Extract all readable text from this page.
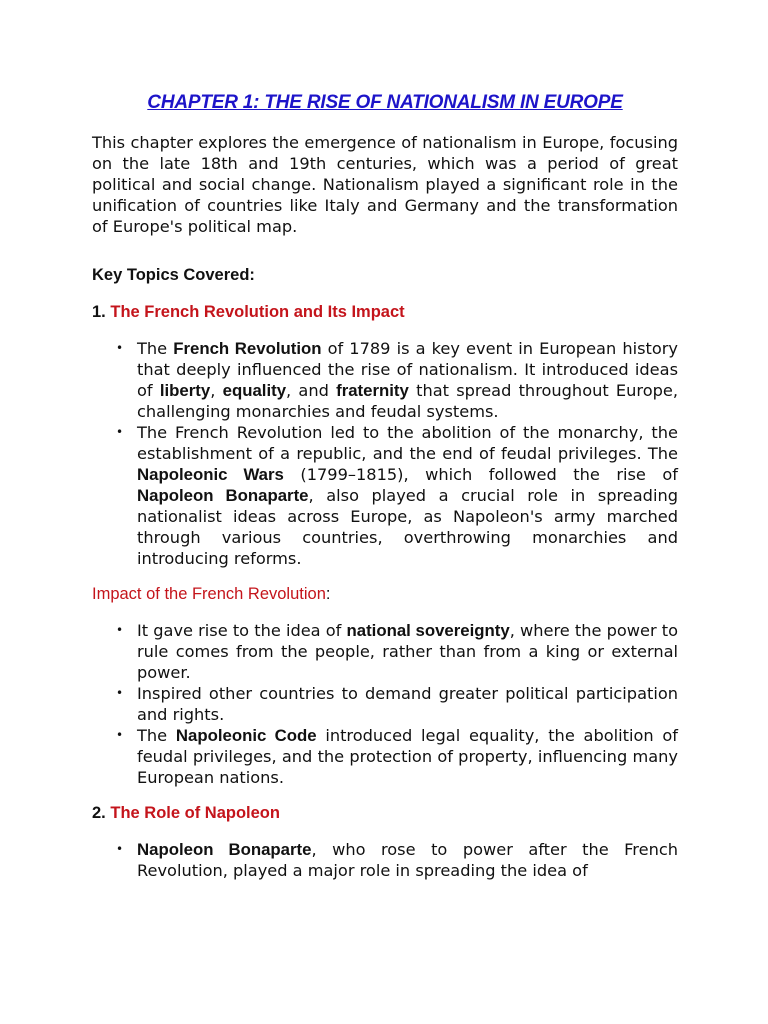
CHAPTER 1: THE RISE OF NATIONALISM IN EUROPE

This chapter explores the emergence of nationalism in Europe, focusing on the late 18th and 19th centuries, which was a period of great political and social change. Nationalism played a significant role in the unification of countries like Italy and Germany and the transformation of Europe's political map.

Key Topics Covered:

1. The French Revolution and Its Impact

• The French Revolution of 1789 is a key event in European history that deeply influenced the rise of nationalism. It introduced ideas of liberty, equality, and fraternity that spread throughout Europe, challenging monarchies and feudal systems.
• The French Revolution led to the abolition of the monarchy, the establishment of a republic, and the end of feudal privileges. The Napoleonic Wars (1799–1815), which followed the rise of Napoleon Bonaparte, also played a crucial role in spreading nationalist ideas across Europe, as Napoleon's army marched through various countries, overthrowing monarchies and introducing reforms.

Impact of the French Revolution:

• It gave rise to the idea of national sovereignty, where the power to rule comes from the people, rather than from a king or external power.
• Inspired other countries to demand greater political participation and rights.
• The Napoleonic Code introduced legal equality, the abolition of feudal privileges, and the protection of property, influencing many European nations.

2. The Role of Napoleon

• Napoleon Bonaparte, who rose to power after the French Revolution, played a major role in spreading the idea of
